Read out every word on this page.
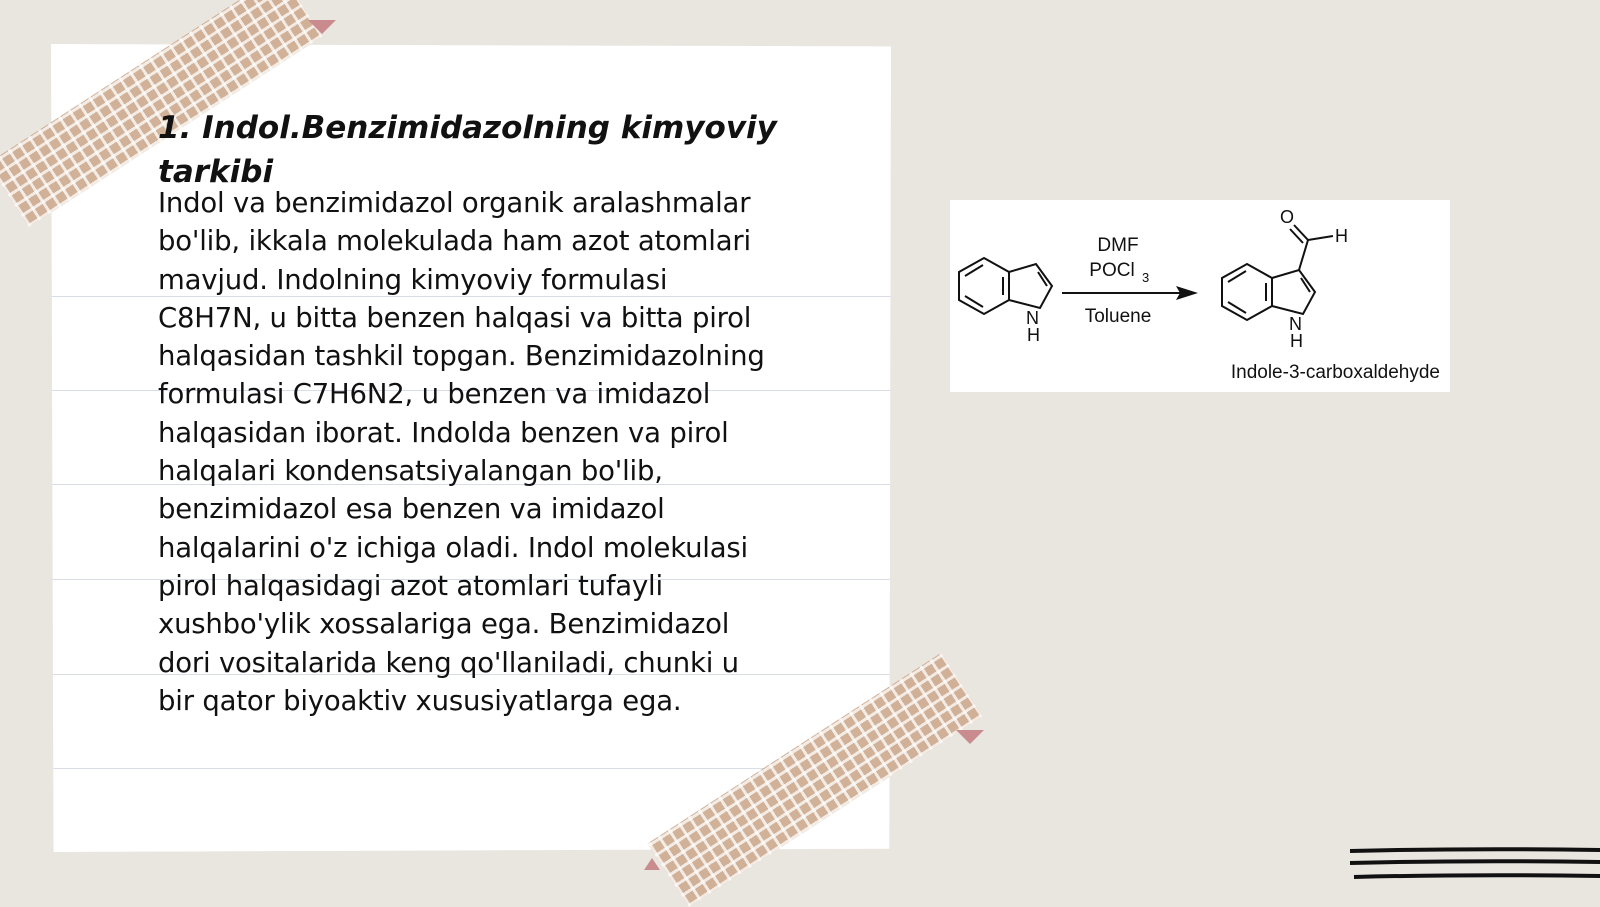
1. Indol.Benzimidazolning kimyoviy tarkibi
Indol va benzimidazol organik aralashmalar
bo'lib, ikkala molekulada ham azot atomlari
mavjud. Indolning kimyoviy formulasi
C8H7N, u bitta benzen halqasi va bitta pirol
halqasidan tashkil topgan. Benzimidazolning
formulasi C7H6N2, u benzen va imidazol
halqasidan iborat. Indolda benzen va pirol
halqalari kondensatsiyalangan bo'lib,
benzimidazol esa benzen va imidazol
halqalarini o'z ichiga oladi. Indol molekulasi
pirol halqasidagi azot atomlari tufayli
xushbo'ylik xossalariga ega. Benzimidazol
dori vositalarida keng qo'llaniladi, chunki u
bir qator biyoaktiv xususiyatlarga ega.
N
H
DMF
POCl 3
Toluene
O
H
N
H
Indole-3-carboxaldehyde
